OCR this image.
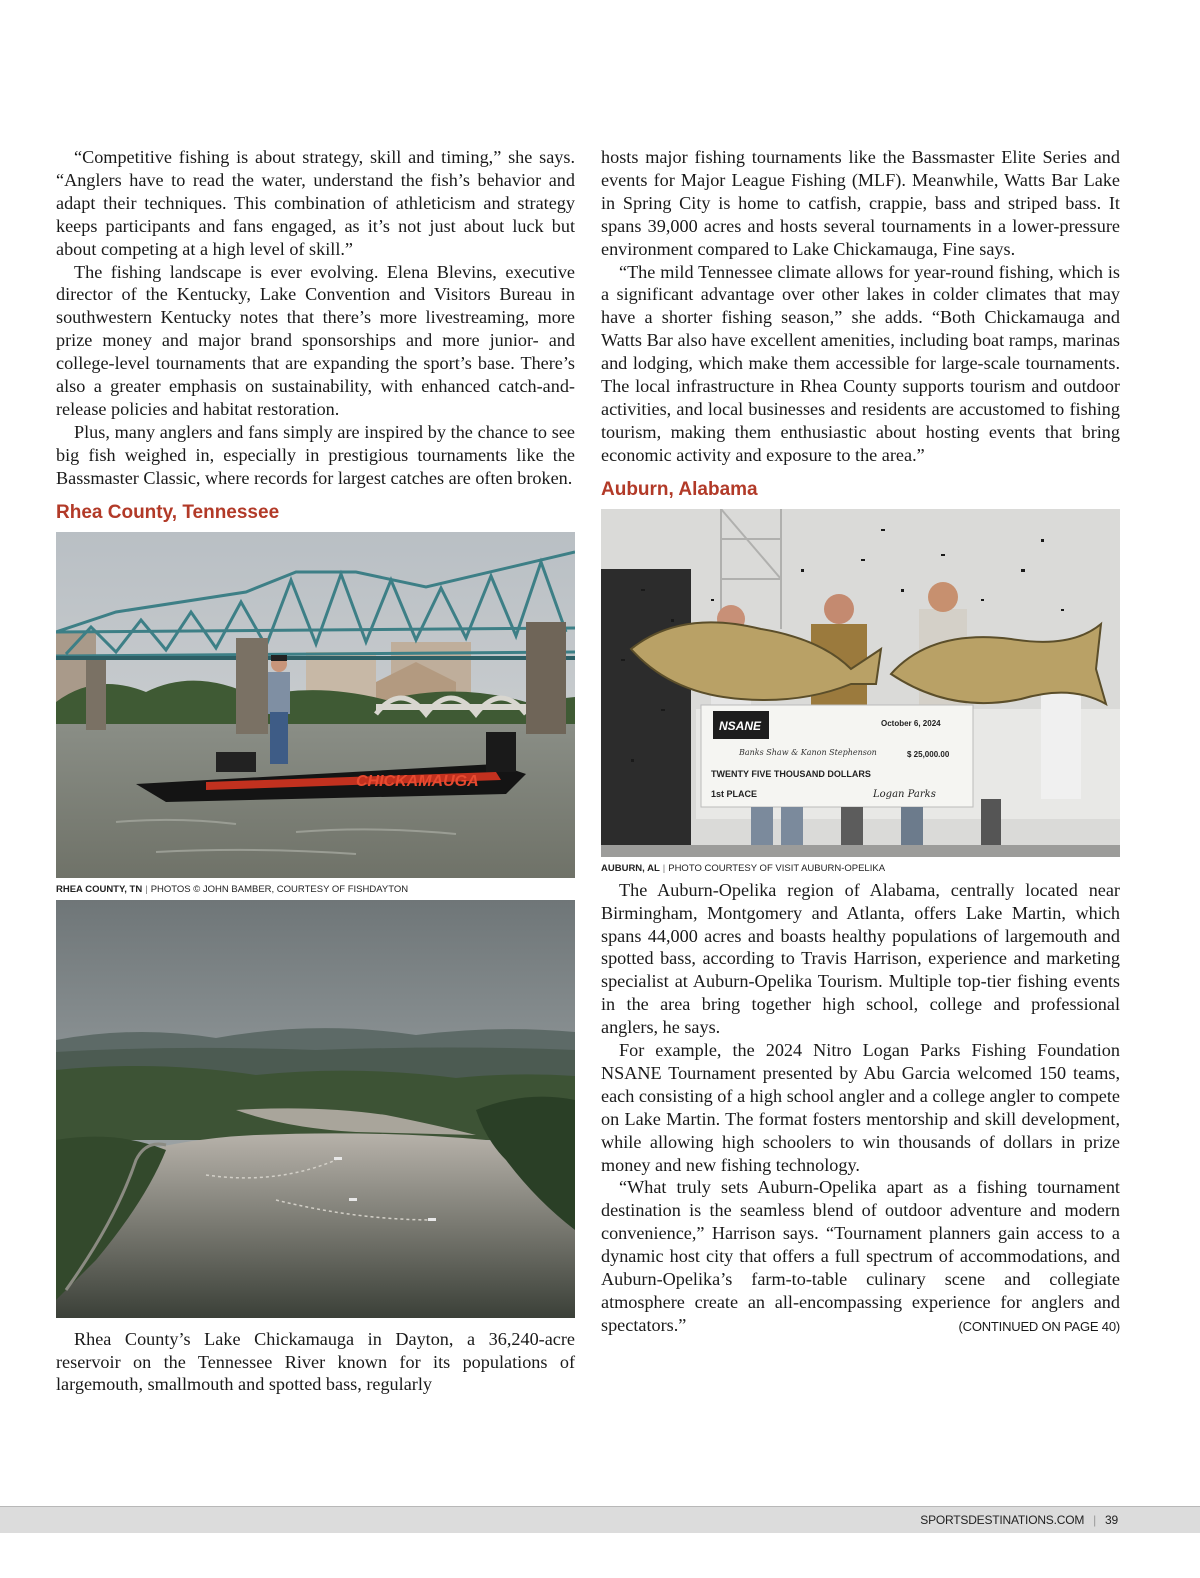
“Competitive fishing is about strategy, skill and timing,” she says. “Anglers have to read the water, understand the fish’s behavior and adapt their techniques. This combination of athleticism and strategy keeps participants and fans engaged, as it’s not just about luck but about competing at a high level of skill.”

The fishing landscape is ever evolving. Elena Blevins, executive director of the Kentucky, Lake Convention and Visitors Bureau in southwestern Kentucky notes that there’s more livestreaming, more prize money and major brand sponsorships and more junior- and college-level tournaments that are expanding the sport’s base. There’s also a greater emphasis on sustainability, with enhanced catch-and-release policies and habitat restoration.

Plus, many anglers and fans simply are inspired by the chance to see big fish weighed in, especially in prestigious tournaments like the Bassmaster Classic, where records for largest catches are often broken.

Rhea County, Tennessee
CHICKAMAUGA
RHEA COUNTY, TN | PHOTOS © JOHN BAMBER, COURTESY OF FISHDAYTON

Rhea County’s Lake Chickamauga in Dayton, a 36,240-acre reservoir on the Tennessee River known for its populations of largemouth, smallmouth and spotted bass, regularly

hosts major fishing tournaments like the Bassmaster Elite Series and events for Major League Fishing (MLF). Meanwhile, Watts Bar Lake in Spring City is home to catfish, crappie, bass and striped bass. It spans 39,000 acres and hosts several tournaments in a lower-pressure environment compared to Lake Chickamauga, Fine says.

“The mild Tennessee climate allows for year-round fishing, which is a significant advantage over other lakes in colder climates that may have a shorter fishing season,” she adds. “Both Chickamauga and Watts Bar also have excellent amenities, including boat ramps, marinas and lodging, which make them accessible for large-scale tournaments. The local infrastructure in Rhea County supports tourism and outdoor activities, and local businesses and residents are accustomed to fishing tourism, making them enthusiastic about hosting events that bring economic activity and exposure to the area.”

Auburn, Alabama
NSANE	October 6, 2024
Banks Shaw & Kanon Stephenson	$ 25,000.00
TWENTY FIVE THOUSAND DOLLARS
1st PLACE	Logan Parks
AUBURN, AL | PHOTO COURTESY OF VISIT AUBURN-OPELIKA

The Auburn-Opelika region of Alabama, centrally located near Birmingham, Montgomery and Atlanta, offers Lake Martin, which spans 44,000 acres and boasts healthy populations of largemouth and spotted bass, according to Travis Harrison, experience and marketing specialist at Auburn-Opelika Tourism. Multiple top-tier fishing events in the area bring together high school, college and professional anglers, he says.

For example, the 2024 Nitro Logan Parks Fishing Foundation NSANE Tournament presented by Abu Garcia welcomed 150 teams, each consisting of a high school angler and a college angler to compete on Lake Martin. The format fosters mentorship and skill development, while allowing high schoolers to win thousands of dollars in prize money and new fishing technology.

“What truly sets Auburn-Opelika apart as a fishing tournament destination is the seamless blend of outdoor adventure and modern convenience,” Harrison says. “Tournament planners gain access to a dynamic host city that offers a full spectrum of accommodations, and Auburn-Opelika’s farm-to-table culinary scene and collegiate atmosphere create an all-encompassing experience for anglers and spectators.”	(CONTINUED ON PAGE 40)

SPORTSDESTINATIONS.COM | 39
